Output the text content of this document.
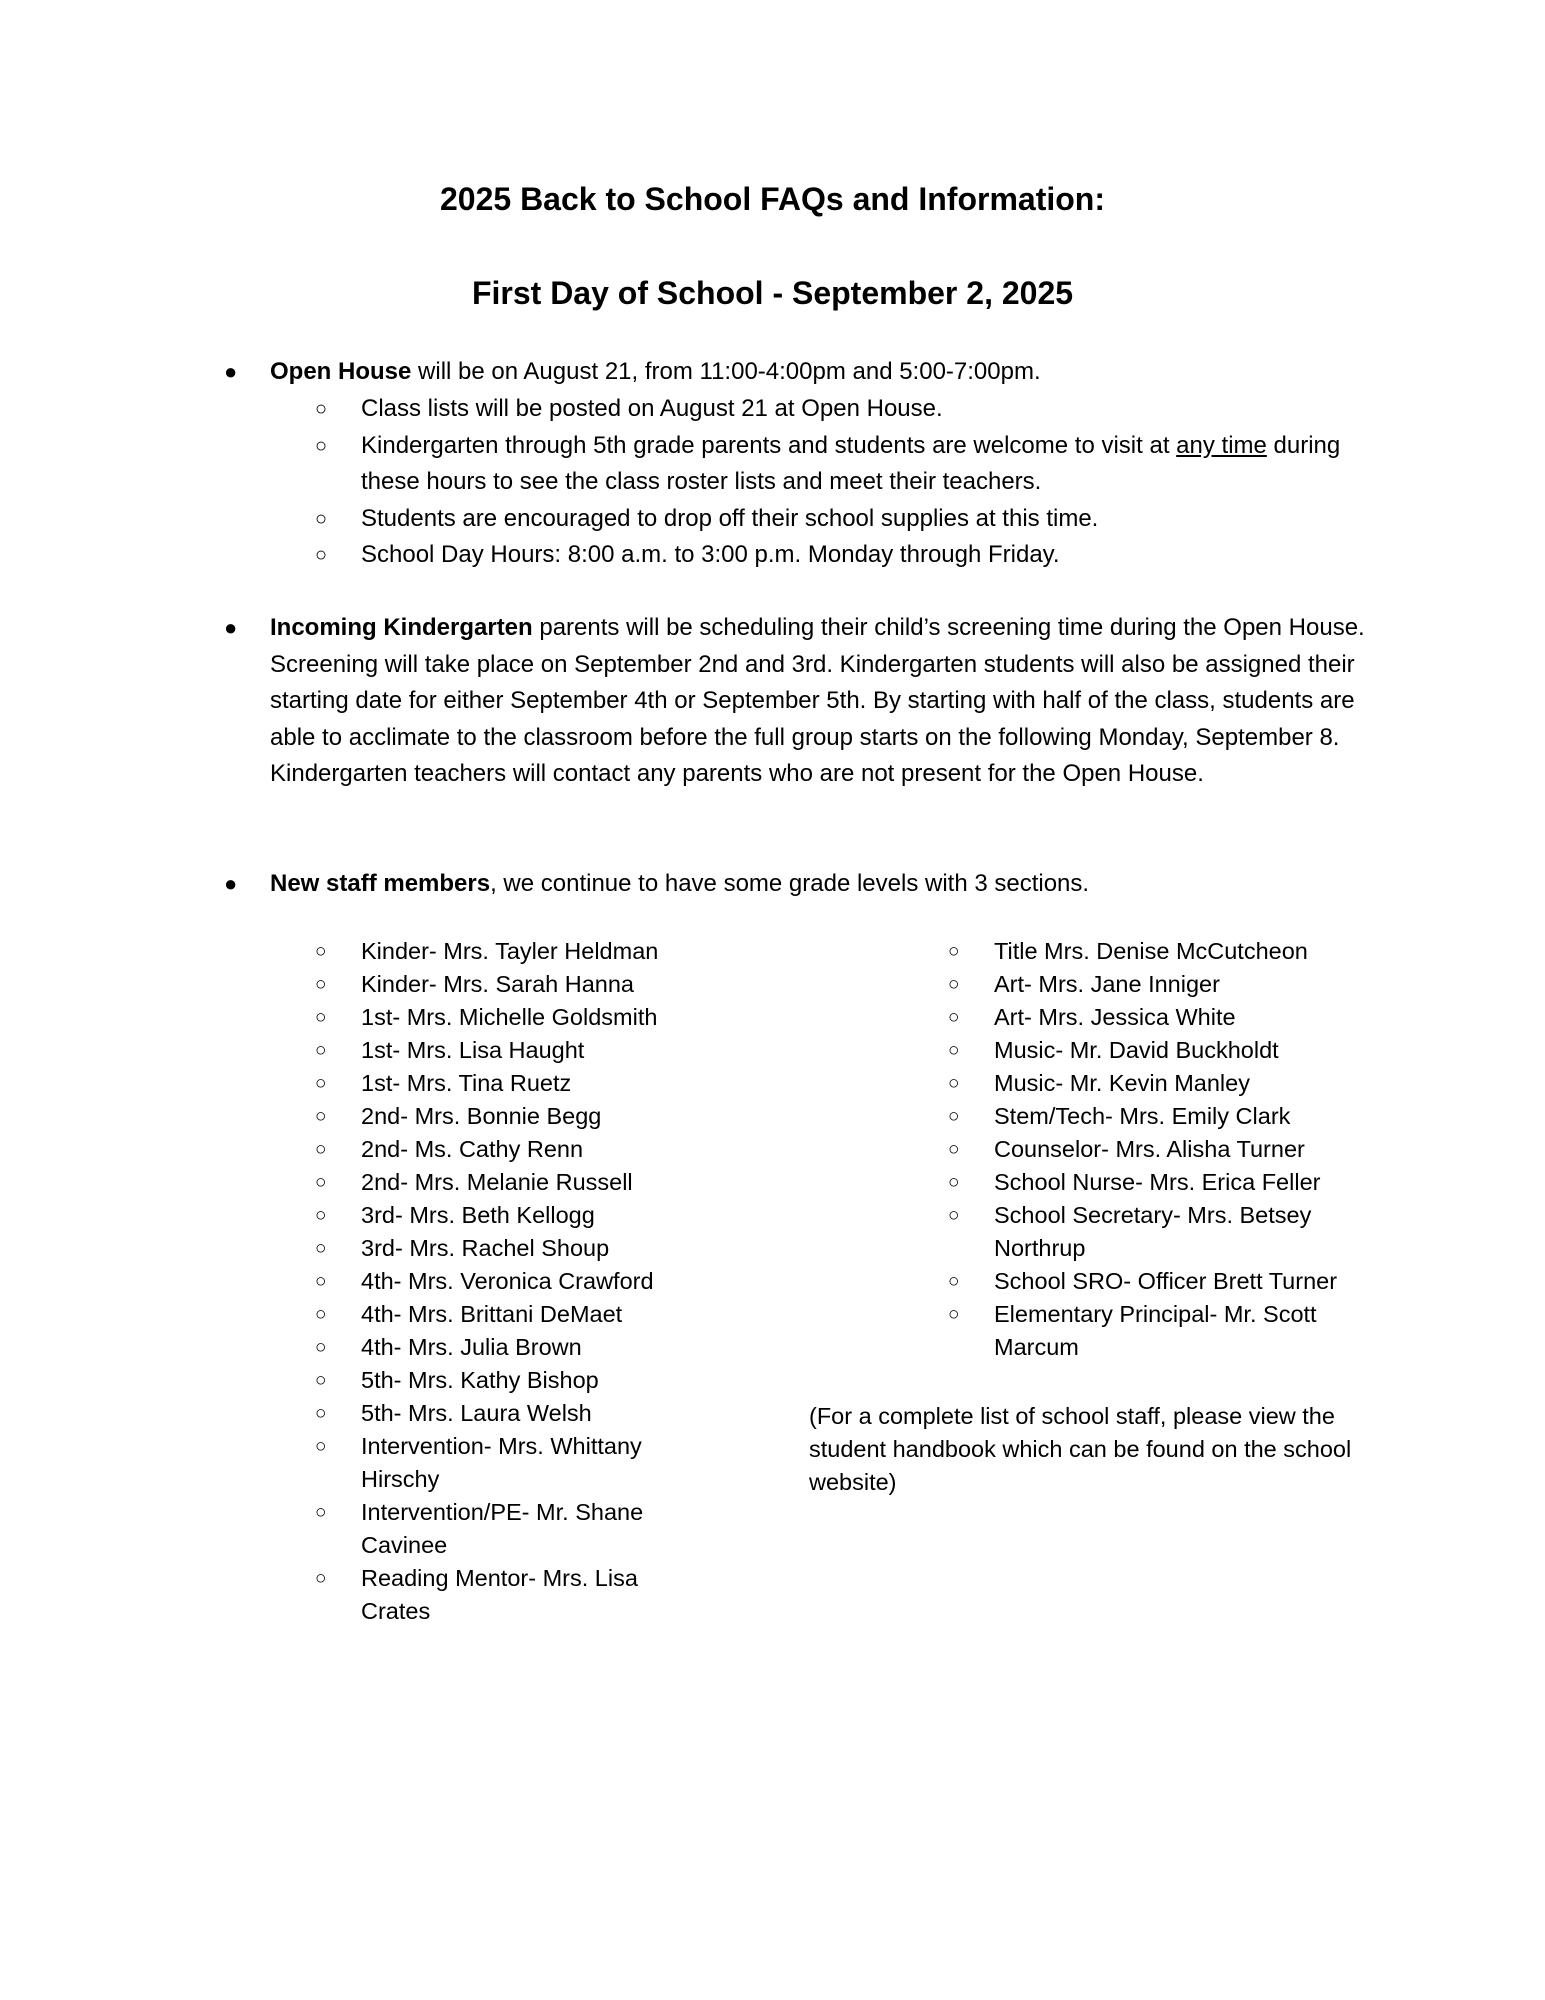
2025 Back to School FAQs and Information:
First Day of School - September 2, 2025
● Open House will be on August 21, from 11:00-4:00pm and 5:00-7:00pm.
○ Class lists will be posted on August 21 at Open House.
○ Kindergarten through 5th grade parents and students are welcome to visit at any time during these hours to see the class roster lists and meet their teachers.
○ Students are encouraged to drop off their school supplies at this time.
○ School Day Hours: 8:00 a.m. to 3:00 p.m. Monday through Friday.
● Incoming Kindergarten parents will be scheduling their child’s screening time during the Open House. Screening will take place on September 2nd and 3rd. Kindergarten students will also be assigned their starting date for either September 4th or September 5th. By starting with half of the class, students are able to acclimate to the classroom before the full group starts on the following Monday, September 8. Kindergarten teachers will contact any parents who are not present for the Open House.
● New staff members, we continue to have some grade levels with 3 sections.
○ Kinder- Mrs. Tayler Heldman
○ Kinder- Mrs. Sarah Hanna
○ 1st- Mrs. Michelle Goldsmith
○ 1st- Mrs. Lisa Haught
○ 1st- Mrs. Tina Ruetz
○ 2nd- Mrs. Bonnie Begg
○ 2nd- Ms. Cathy Renn
○ 2nd- Mrs. Melanie Russell
○ 3rd- Mrs. Beth Kellogg
○ 3rd- Mrs. Rachel Shoup
○ 4th- Mrs. Veronica Crawford
○ 4th- Mrs. Brittani DeMaet
○ 4th- Mrs. Julia Brown
○ 5th- Mrs. Kathy Bishop
○ 5th- Mrs. Laura Welsh
○ Intervention- Mrs. Whittany Hirschy
○ Intervention/PE- Mr. Shane Cavinee
○ Reading Mentor- Mrs. Lisa Crates
○ Title Mrs. Denise McCutcheon
○ Art- Mrs. Jane Inniger
○ Art- Mrs. Jessica White
○ Music- Mr. David Buckholdt
○ Music- Mr. Kevin Manley
○ Stem/Tech- Mrs. Emily Clark
○ Counselor- Mrs. Alisha Turner
○ School Nurse- Mrs. Erica Feller
○ School Secretary- Mrs. Betsey Northrup
○ School SRO- Officer Brett Turner
○ Elementary Principal- Mr. Scott Marcum
(For a complete list of school staff, please view the student handbook which can be found on the school website)
